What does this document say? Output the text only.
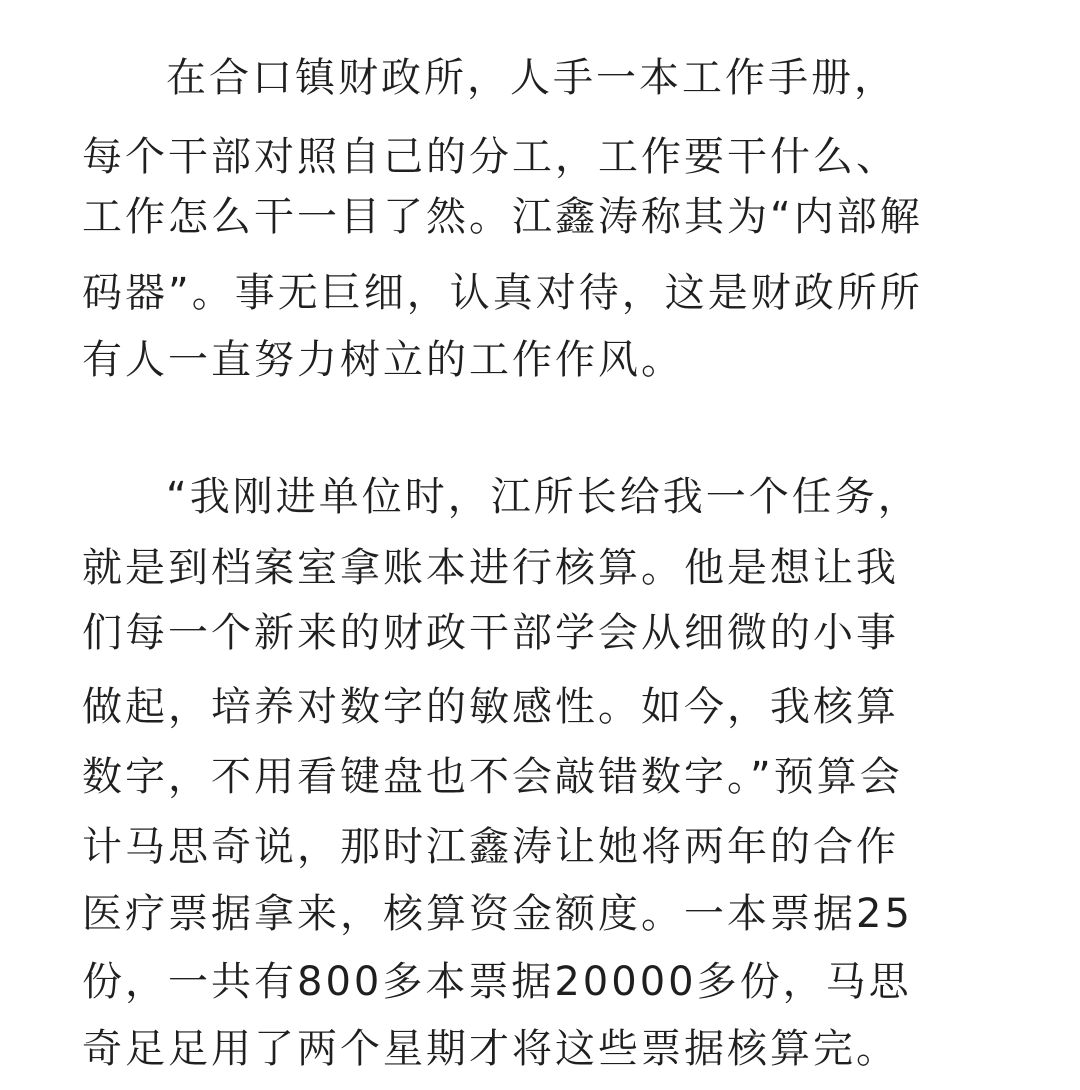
在合口镇财政所，人手一本工作手册，
每个干部对照自己的分工，工作要干什么、
工作怎么干一目了然。江鑫涛称其为“内部解
码器”。事无巨细，认真对待，这是财政所所
有人一直努力树立的工作作风。
“我刚进单位时，江所长给我一个任务，
就是到档案室拿账本进行核算。他是想让我
们每一个新来的财政干部学会从细微的小事
做起，培养对数字的敏感性。如今，我核算
数字，不用看键盘也不会敲错数字。”预算会
计马思奇说，那时江鑫涛让她将两年的合作
医疗票据拿来，核算资金额度。一本票据25
份，一共有800多本票据20000多份，马思
奇足足用了两个星期才将这些票据核算完。
